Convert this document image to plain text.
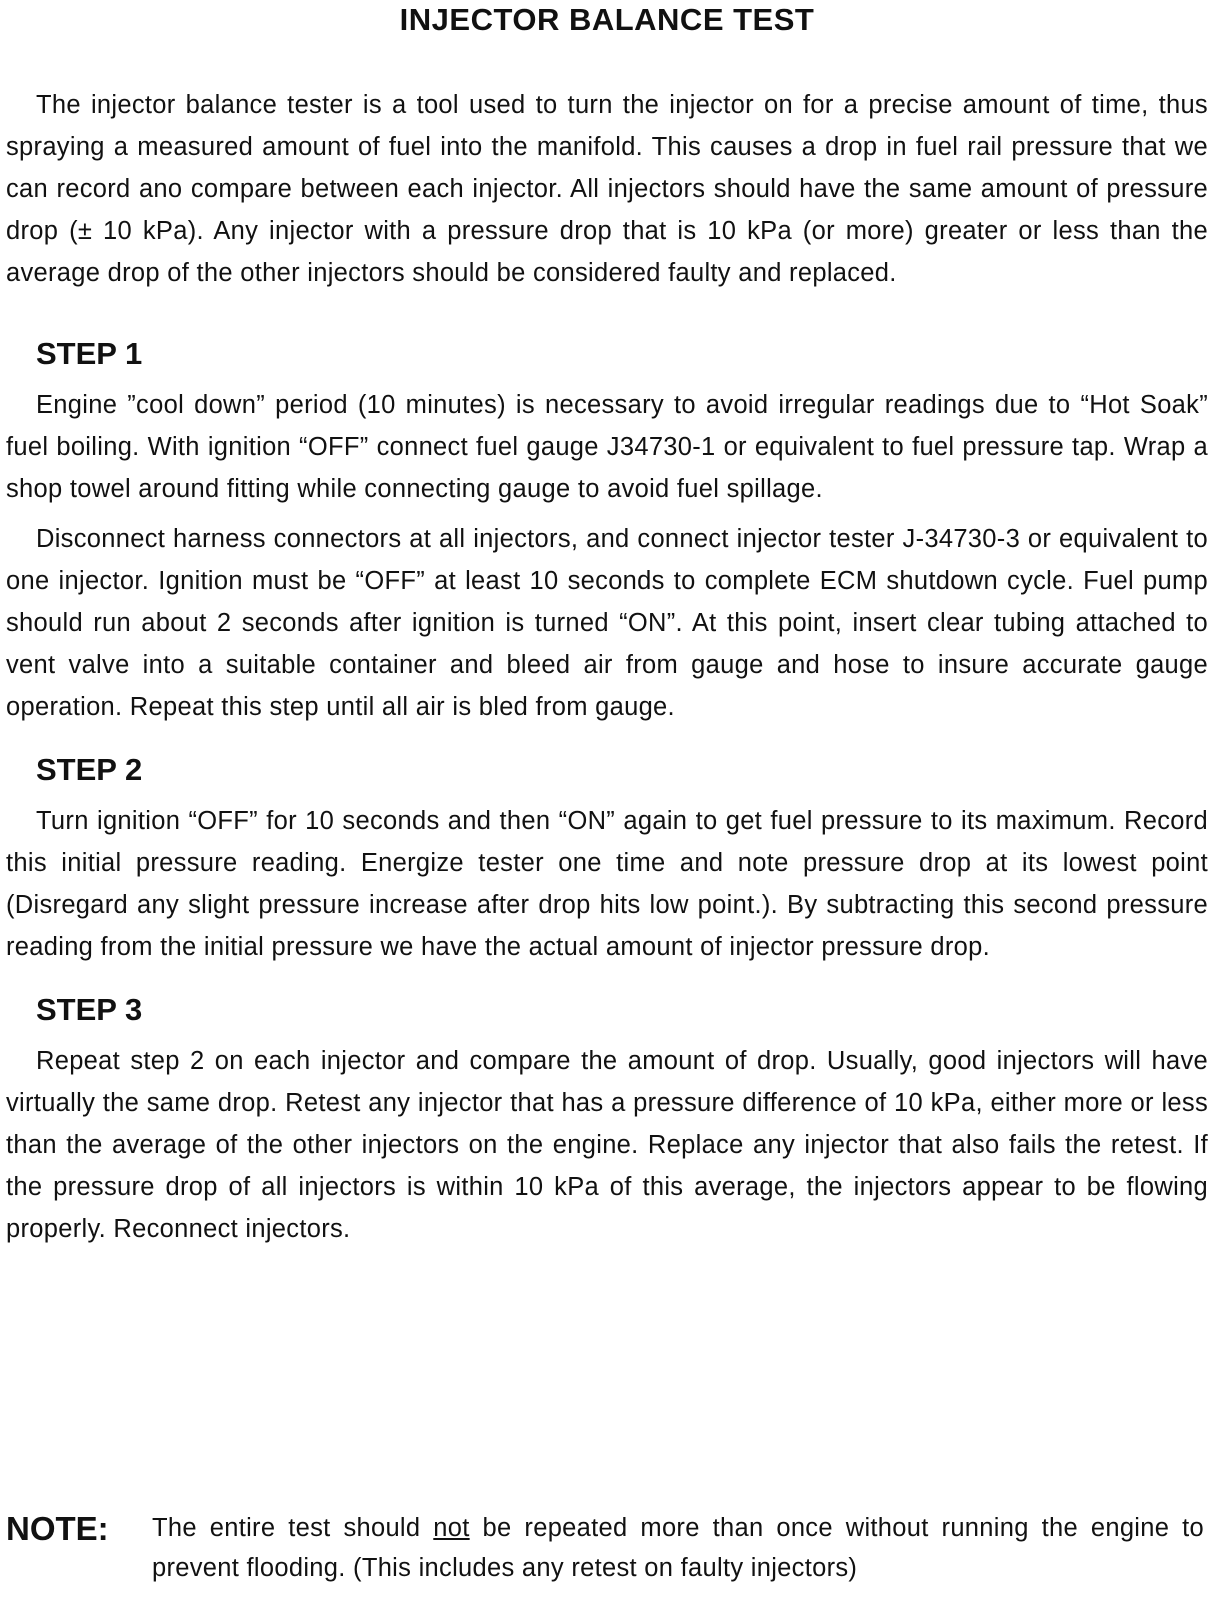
INJECTOR BALANCE TEST

The injector balance tester is a tool used to turn the injector on for a precise amount of time, thus spraying a measured amount of fuel into the manifold. This causes a drop in fuel rail pressure that we can record ano compare between each injector. All injectors should have the same amount of pressure drop (± 10 kPa). Any injector with a pressure drop that is 10 kPa (or more) greater or less than the average drop of the other injectors should be considered faulty and replaced.

STEP 1

Engine ”cool down” period (10 minutes) is necessary to avoid irregular readings due to “Hot Soak” fuel boiling. With ignition “OFF” connect fuel gauge J34730-1 or equivalent to fuel pressure tap. Wrap a shop towel around fitting while connecting gauge to avoid fuel spillage.

Disconnect harness connectors at all injectors, and connect injector tester J-34730-3 or equivalent to one injector. Ignition must be “OFF” at least 10 seconds to complete ECM shutdown cycle. Fuel pump should run about 2 seconds after ignition is turned “ON”. At this point, insert clear tubing attached to vent valve into a suitable container and bleed air from gauge and hose to insure accurate gauge operation. Repeat this step until all air is bled from gauge.

STEP 2

Turn ignition “OFF” for 10 seconds and then “ON” again to get fuel pressure to its maximum. Record this initial pressure reading. Energize tester one time and note pressure drop at its lowest point (Disregard any slight pressure increase after drop hits low point.). By subtracting this second pressure reading from the initial pressure we have the actual amount of injector pressure drop.

STEP 3

Repeat step 2 on each injector and compare the amount of drop. Usually, good injectors will have virtually the same drop. Retest any injector that has a pressure difference of 10 kPa, either more or less than the average of the other injectors on the engine. Replace any injector that also fails the retest. If the pressure drop of all injectors is within 10 kPa of this average, the injectors appear to be flowing properly. Reconnect injectors.

NOTE:	The entire test should not be repeated more than once without running the engine to prevent flooding. (This includes any retest on faulty injectors)
